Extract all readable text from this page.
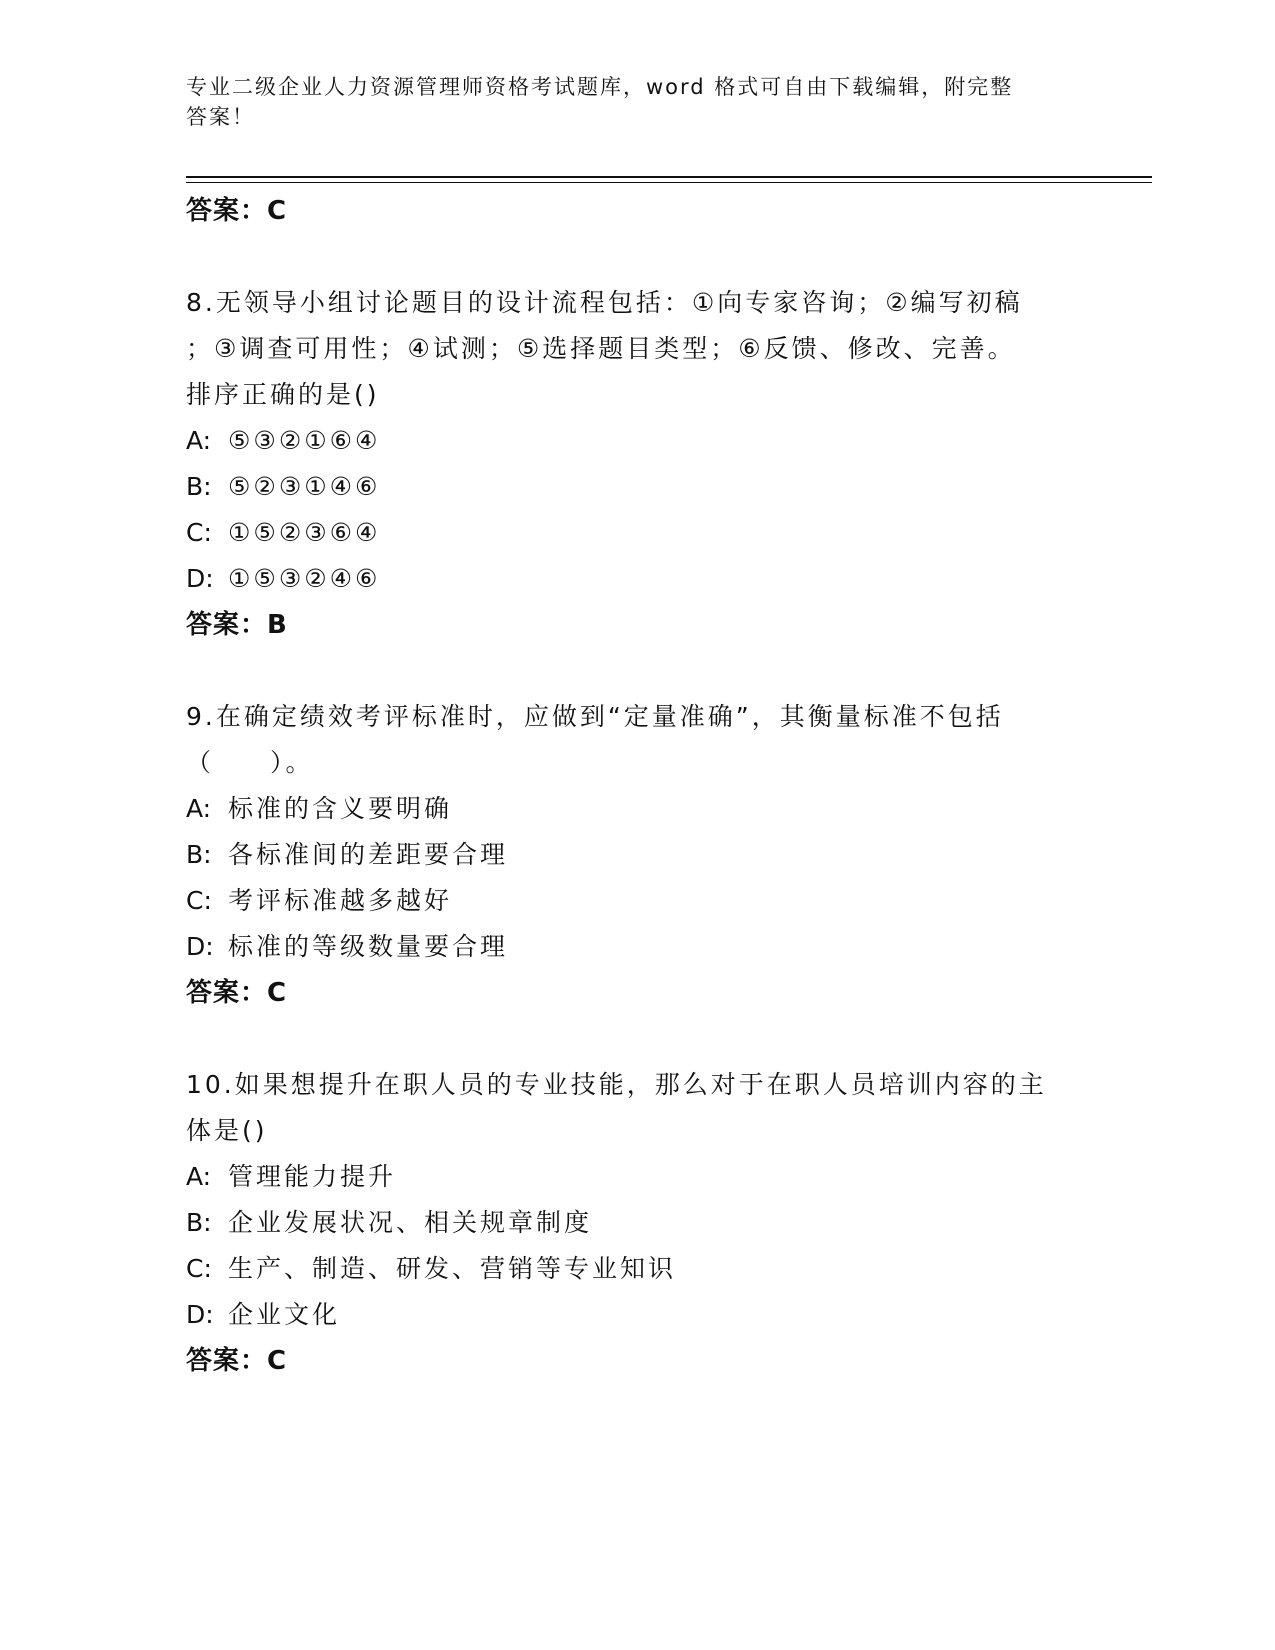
专业二级企业人力资源管理师资格考试题库，word 格式可自由下载编辑，附完整
答案！
答案：C
8.无领导小组讨论题目的设计流程包括：①向专家咨询；②编写初稿
；③调查可用性；④试测；⑤选择题目类型；⑥反馈、修改、完善。
排序正确的是()
A: ⑤③②①⑥④
B: ⑤②③①④⑥
C: ①⑤②③⑥④
D: ①⑤③②④⑥
答案：B
9.在确定绩效考评标准时，应做到“定量准确”，其衡量标准不包括
（　　）。
A: 标准的含义要明确
B: 各标准间的差距要合理
C: 考评标准越多越好
D: 标准的等级数量要合理
答案：C
10.如果想提升在职人员的专业技能，那么对于在职人员培训内容的主
体是()
A: 管理能力提升
B: 企业发展状况、相关规章制度
C: 生产、制造、研发、营销等专业知识
D: 企业文化
答案：C
